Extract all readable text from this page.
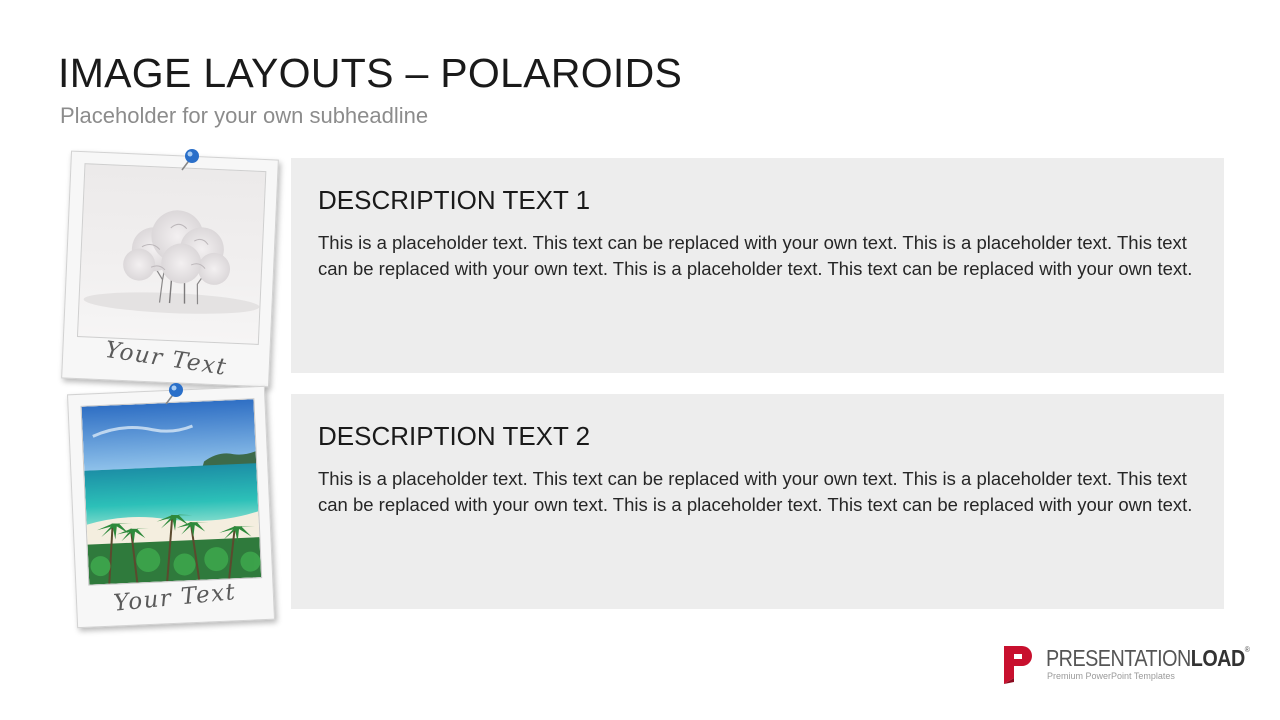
IMAGE LAYOUTS – POLAROIDS
Placeholder for your own subheadline
DESCRIPTION TEXT 1
This is a placeholder text. This text can be replaced with your own text. This is a placeholder text. This text can be replaced with your own text. This is a placeholder text. This text can be replaced with your own text.
DESCRIPTION TEXT 2
This is a placeholder text. This text can be replaced with your own text. This is a placeholder text. This text can be replaced with your own text. This is a placeholder text. This text can be replaced with your own text.
Your Text
Your Text
PRESENTATIONLOAD®
Premium PowerPoint Templates
